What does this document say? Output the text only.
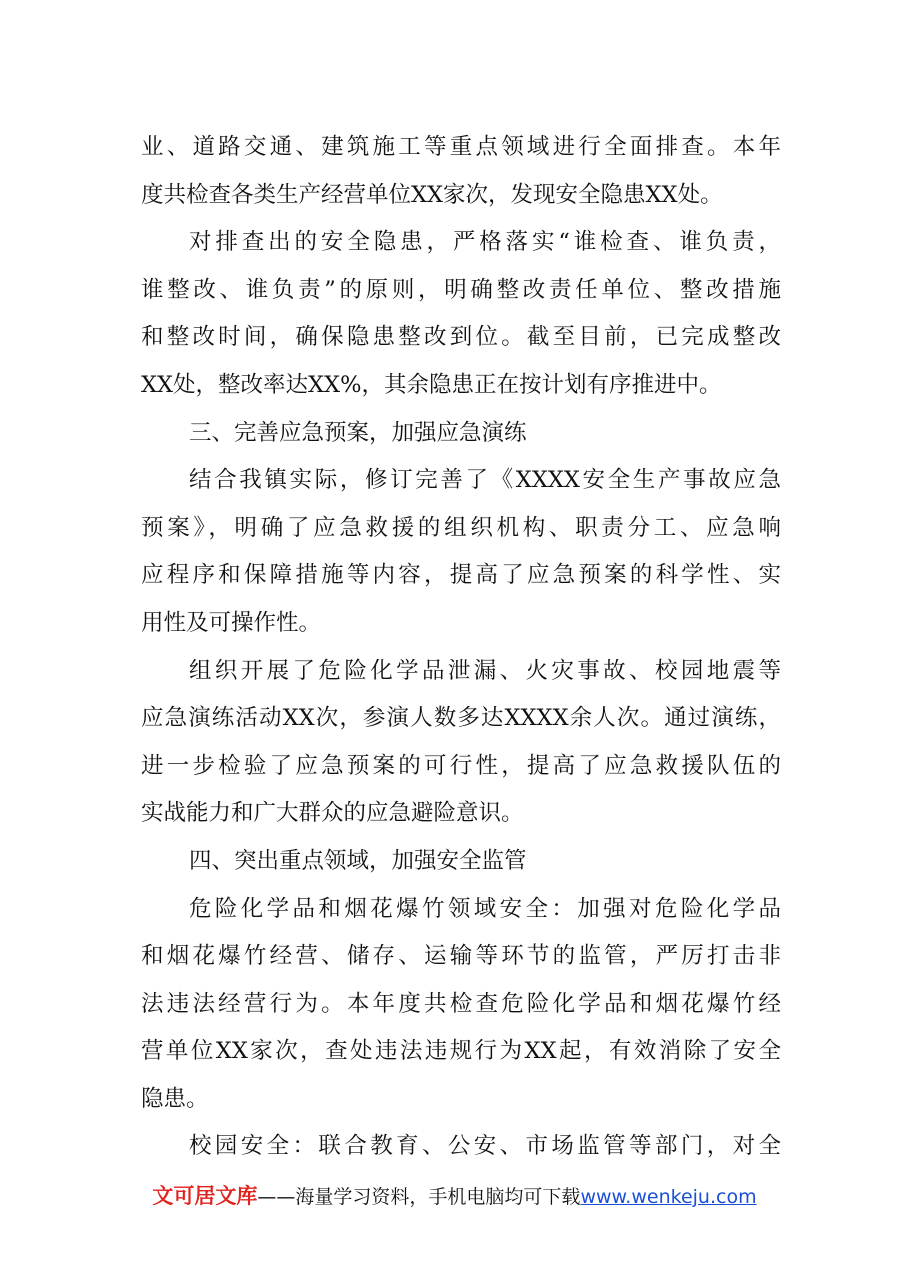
业、道路交通、建筑施工等重点领域进行全面排查。本年
度共检查各类生产经营单位XX家次，发现安全隐患XX处。
对排查出的安全隐患，严格落实“谁检查、谁负责，
谁整改、谁负责”的原则，明确整改责任单位、整改措施
和整改时间，确保隐患整改到位。截至目前，已完成整改
XX处，整改率达XX%，其余隐患正在按计划有序推进中。
三、完善应急预案，加强应急演练
结合我镇实际，修订完善了《XXXX安全生产事故应急
预案》，明确了应急救援的组织机构、职责分工、应急响
应程序和保障措施等内容，提高了应急预案的科学性、实
用性及可操作性。
组织开展了危险化学品泄漏、火灾事故、校园地震等
应急演练活动XX次，参演人数多达XXXX余人次。通过演练，
进一步检验了应急预案的可行性，提高了应急救援队伍的
实战能力和广大群众的应急避险意识。
四、突出重点领域，加强安全监管
危险化学品和烟花爆竹领域安全：加强对危险化学品
和烟花爆竹经营、储存、运输等环节的监管，严厉打击非
法违法经营行为。本年度共检查危险化学品和烟花爆竹经
营单位XX家次，查处违法违规行为XX起，有效消除了安全
隐患。
校园安全：联合教育、公安、市场监管等部门，对全
文可居文库——海量学习资料，手机电脑均可下载www.wenkeju.com
